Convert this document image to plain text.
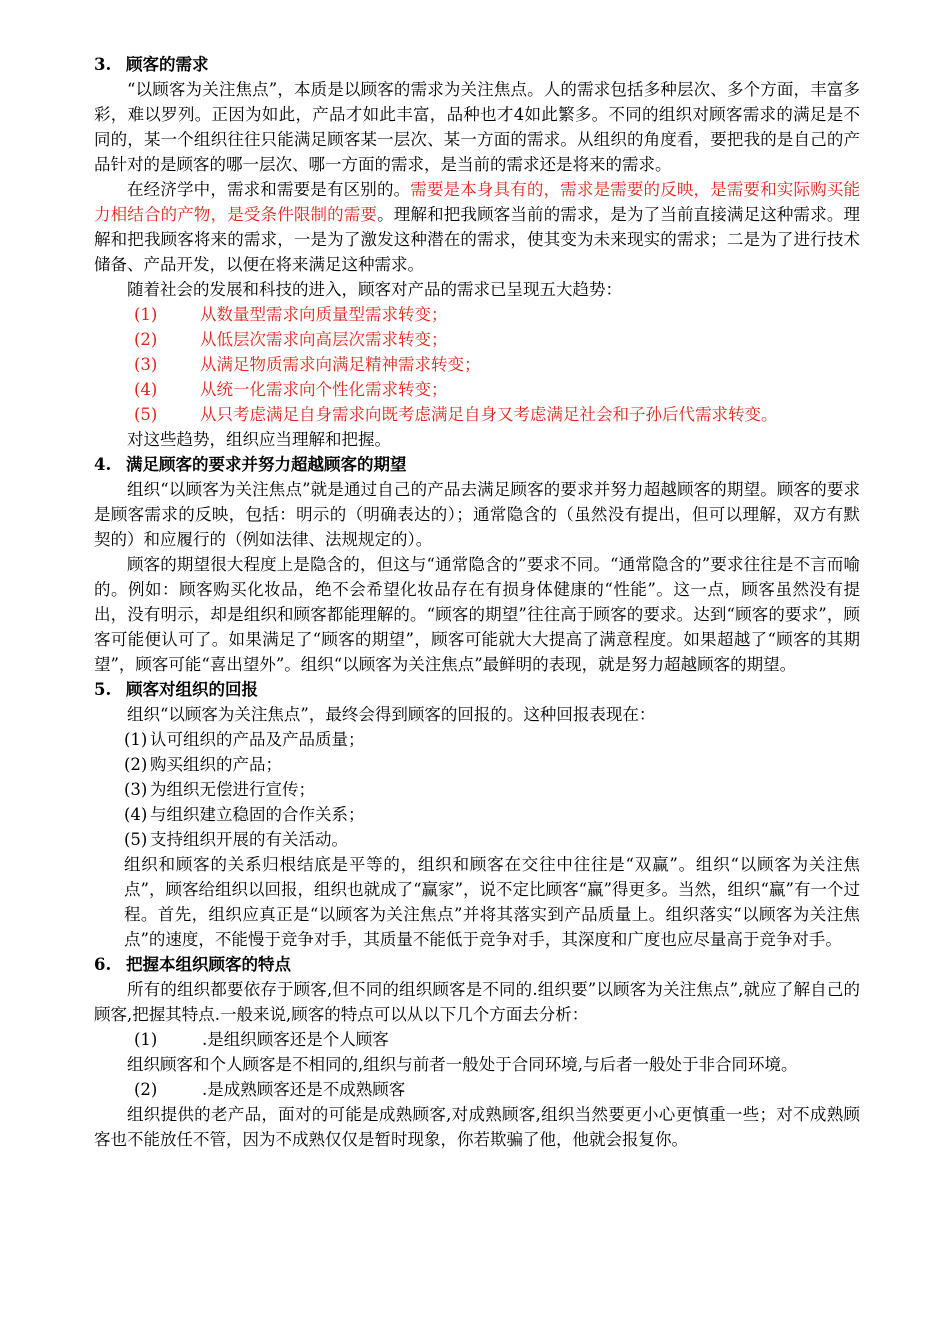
3. 顾客的需求

“以顾客为关注焦点”，本质是以顾客的需求为关注焦点。人的需求包括多种层次、多个方面，丰富多彩，难以罗列。正因为如此，产品才如此丰富，品种也才4如此繁多。不同的组织对顾客需求的满足是不同的，某一个组织往往只能满足顾客某一层次、某一方面的需求。从组织的角度看，要把我的是自己的产品针对的是顾客的哪一层次、哪一方面的需求，是当前的需求还是将来的需求。

在经济学中，需求和需要是有区别的。需要是本身具有的，需求是需要的反映，是需要和实际购买能力相结合的产物，是受条件限制的需要。理解和把我顾客当前的需求，是为了当前直接满足这种需求。理解和把我顾客将来的需求，一是为了激发这种潜在的需求，使其变为未来现实的需求；二是为了进行技术储备、产品开发，以便在将来满足这种需求。

随着社会的发展和科技的进入，顾客对产品的需求已呈现五大趋势：

(1)	从数量型需求向质量型需求转变；
(2)	从低层次需求向高层次需求转变；
(3)	从满足物质需求向满足精神需求转变；
(4)	从统一化需求向个性化需求转变；
(5)	从只考虑满足自身需求向既考虑满足自身又考虑满足社会和子孙后代需求转变。

对这些趋势，组织应当理解和把握。

4. 满足顾客的要求并努力超越顾客的期望

组织“以顾客为关注焦点”就是通过自己的产品去满足顾客的要求并努力超越顾客的期望。顾客的要求是顾客需求的反映，包括：明示的（明确表达的）；通常隐含的（虽然没有提出，但可以理解，双方有默契的）和应履行的（例如法律、法规规定的）。

顾客的期望很大程度上是隐含的，但这与“通常隐含的”要求不同。“通常隐含的”要求往往是不言而喻的。例如：顾客购买化妆品，绝不会希望化妆品存在有损身体健康的“性能”。这一点，顾客虽然没有提出，没有明示，却是组织和顾客都能理解的。“顾客的期望”往往高于顾客的要求。达到“顾客的要求”，顾客可能便认可了。如果满足了“顾客的期望”，顾客可能就大大提高了满意程度。如果超越了“顾客的其期望”，顾客可能“喜出望外”。组织“以顾客为关注焦点”最鲜明的表现，就是努力超越顾客的期望。

5. 顾客对组织的回报

组织“以顾客为关注焦点”，最终会得到顾客的回报的。这种回报表现在：

(1) 认可组织的产品及产品质量；
(2) 购买组织的产品；
(3) 为组织无偿进行宣传；
(4) 与组织建立稳固的合作关系；
(5) 支持组织开展的有关活动。

组织和顾客的关系归根结底是平等的，组织和顾客在交往中往往是“双赢”。组织“以顾客为关注焦点”，顾客给组织以回报，组织也就成了“赢家”，说不定比顾客“赢”得更多。当然，组织“赢”有一个过程。首先，组织应真正是“以顾客为关注焦点”并将其落实到产品质量上。组织落实“以顾客为关注焦点”的速度，不能慢于竞争对手，其质量不能低于竞争对手，其深度和广度也应尽量高于竞争对手。

6. 把握本组织顾客的特点

所有的组织都要依存于顾客,但不同的组织顾客是不同的.组织要”以顾客为关注焦点”,就应了解自己的顾客,把握其特点.一般来说,顾客的特点可以从以下几个方面去分析：

(1)	.是组织顾客还是个人顾客

组织顾客和个人顾客是不相同的,组织与前者一般处于合同环境,与后者一般处于非合同环境。

(2)	.是成熟顾客还是不成熟顾客

组织提供的老产品，面对的可能是成熟顾客,对成熟顾客,组织当然要更小心更慎重一些；对不成熟顾客也不能放任不管，因为不成熟仅仅是暂时现象，你若欺骗了他，他就会报复你。
